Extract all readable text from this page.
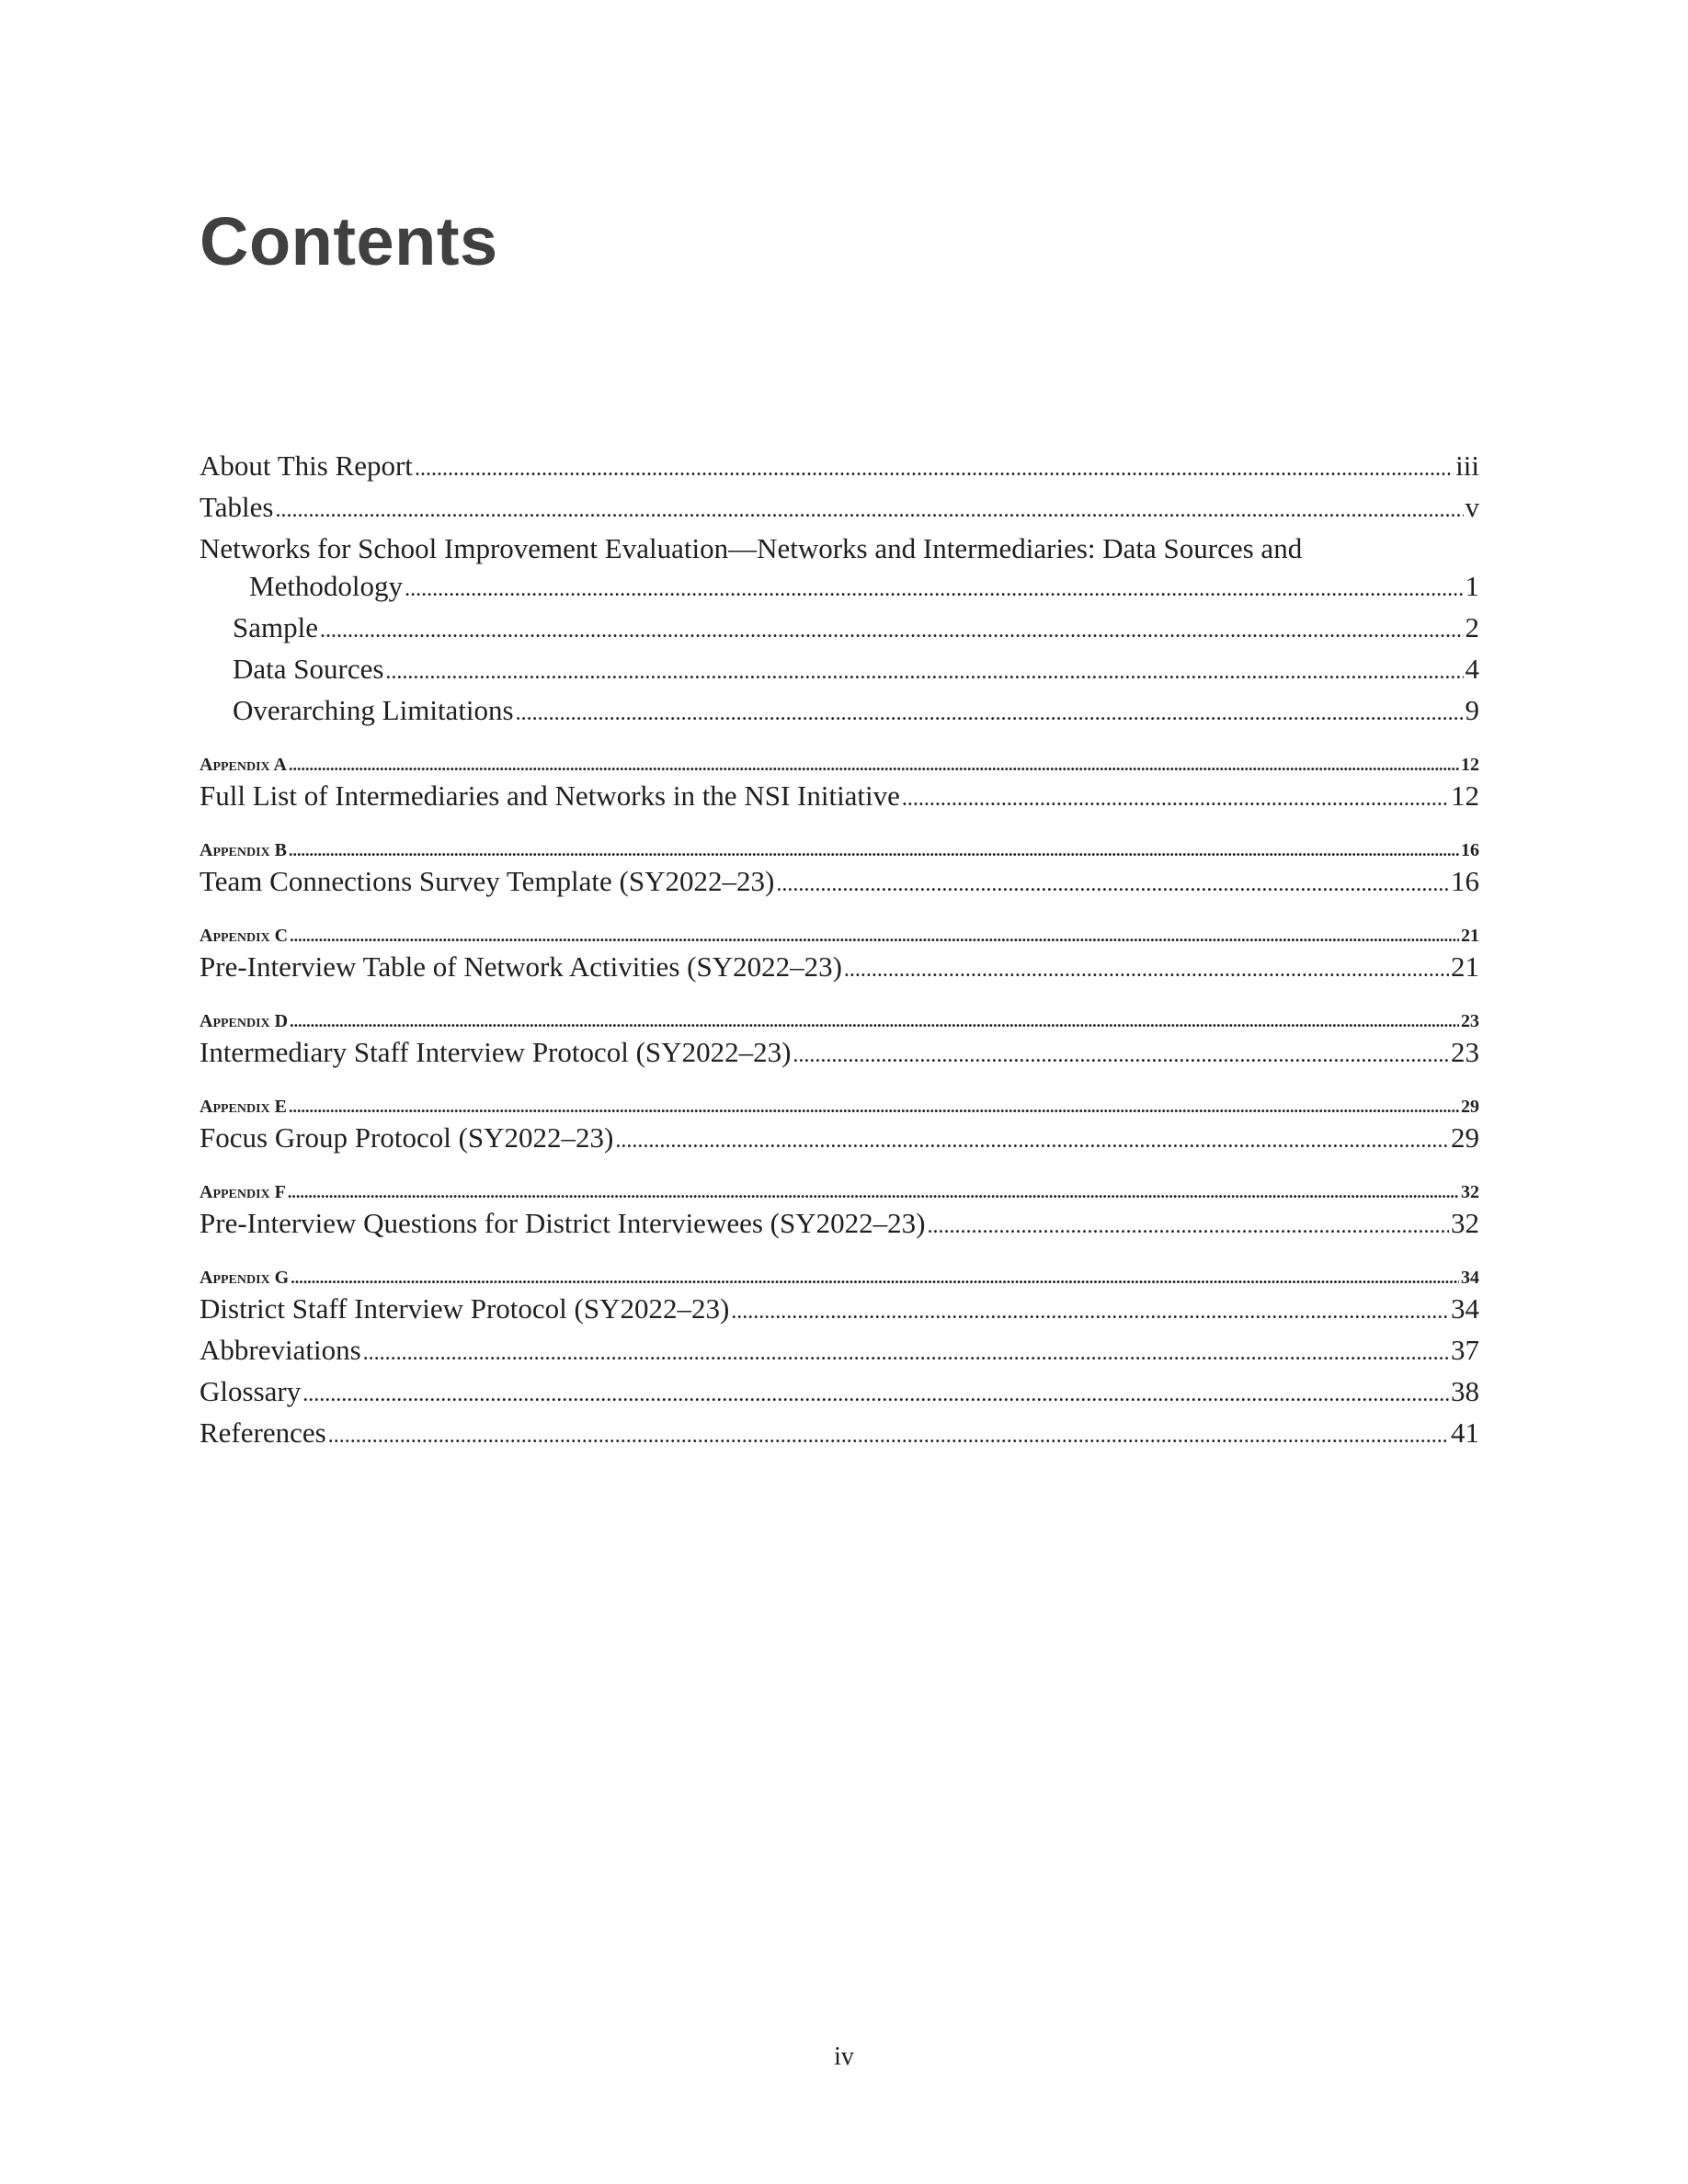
Contents
About This Report .....	iii
Tables .....	v
Networks for School Improvement Evaluation—Networks and Intermediaries: Data Sources and
Methodology .....	1
Sample .....	2
Data Sources .....	4
Overarching Limitations .....	9
Appendix A .....	12
Full List of Intermediaries and Networks in the NSI Initiative .....	12
Appendix B .....	16
Team Connections Survey Template (SY2022–23) .....	16
Appendix C .....	21
Pre-Interview Table of Network Activities (SY2022–23) .....	21
Appendix D .....	23
Intermediary Staff Interview Protocol (SY2022–23) .....	23
Appendix E .....	29
Focus Group Protocol (SY2022–23) .....	29
Appendix F .....	32
Pre-Interview Questions for District Interviewees (SY2022–23) .....	32
Appendix G .....	34
District Staff Interview Protocol (SY2022–23) .....	34
Abbreviations .....	37
Glossary .....	38
References .....	41
iv
